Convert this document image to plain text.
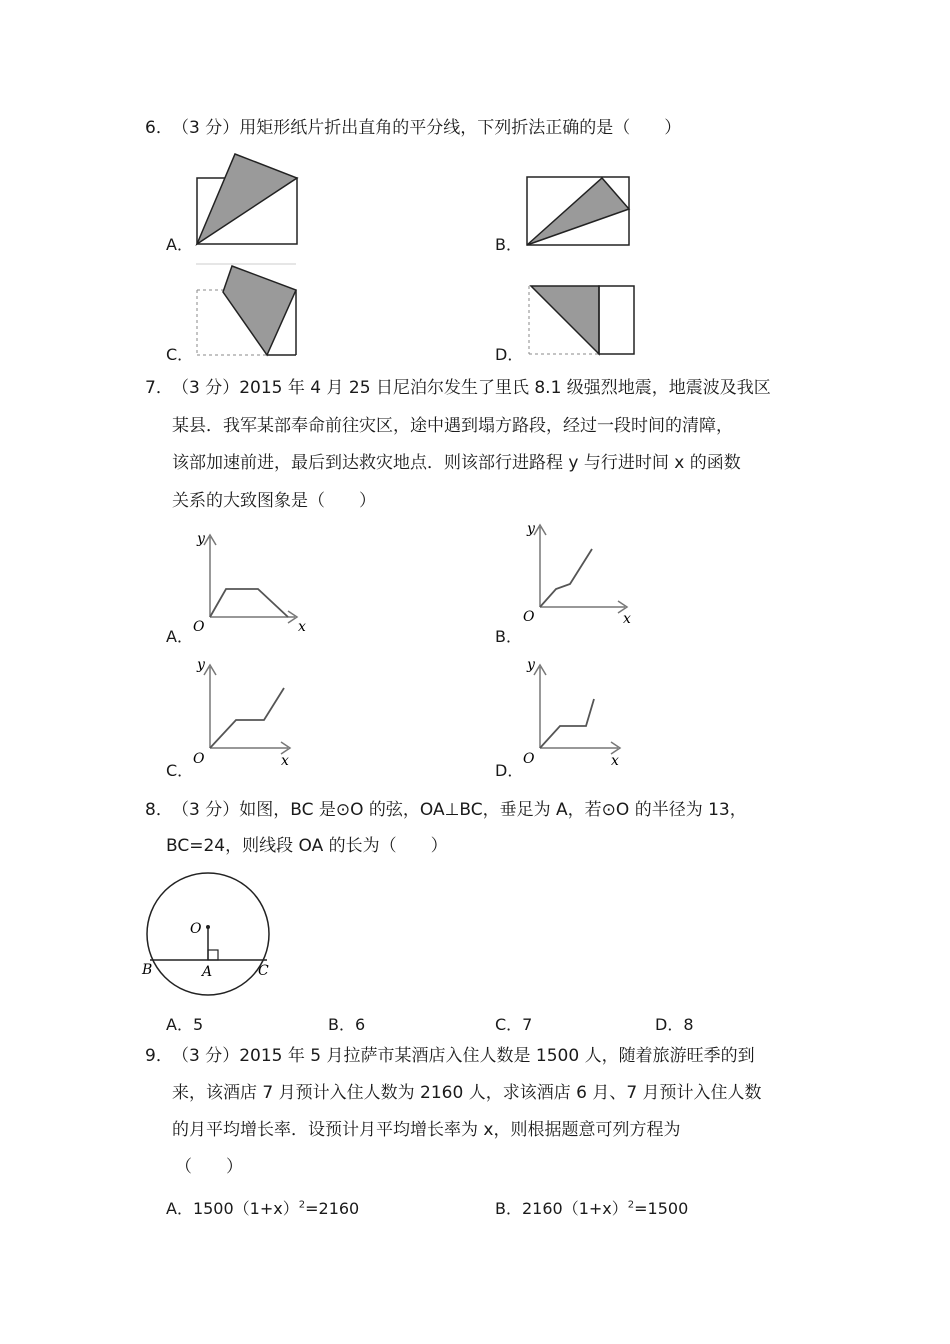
6． （3 分）用矩形纸片折出直角的平分线，下列折法正确的是（　　）
A．	B．
C．	D．
7． （3 分）2015 年 4 月 25 日尼泊尔发生了里氏 8.1 级强烈地震，地震波及我区
某县．我军某部奉命前往灾区，途中遇到塌方路段，经过一段时间的清障，
该部加速前进，最后到达救灾地点．则该部行进路程 y 与行进时间 x 的函数
关系的大致图象是（　　）
A．
y
O	x	B．
y
O	x
C．
y
O	x	D．
y
O	x
8． （3 分）如图，BC 是⊙O 的弦，OA⊥BC，垂足为 A，若⊙O 的半径为 13，
BC=24，则线段 OA 的长为（　　）
O
A
B	C
A．5	B．6	C．7	D．8
9． （3 分）2015 年 5 月拉萨市某酒店入住人数是 1500 人，随着旅游旺季的到
来，该酒店 7 月预计入住人数为 2160 人，求该酒店 6 月、7 月预计入住人数
的月平均增长率．设预计月平均增长率为 x，则根据题意可列方程为
（　　）
A．$1500(1+x)^2=2160$	B．$2160(1+x)^2=1500$
